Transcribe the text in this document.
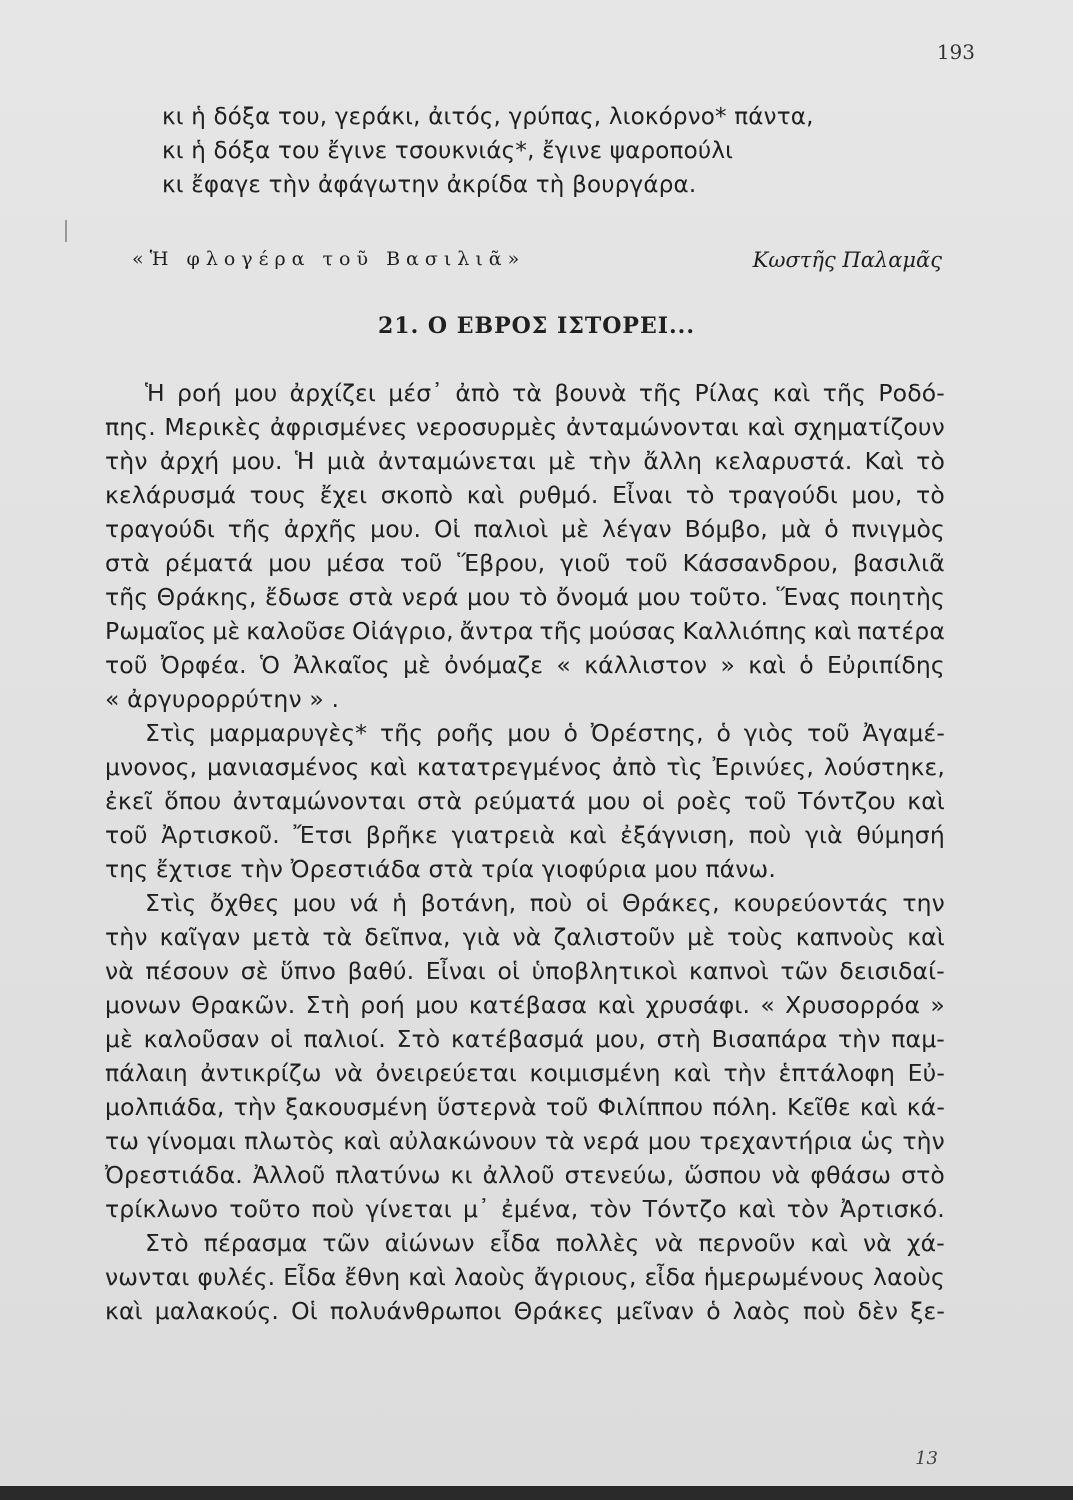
193
κι ἡ δόξα του, γεράκι, ἀιτός, γρύπας, λιοκόρνο* πάντα,
κι ἡ δόξα του ἔγινε τσουκνιάς*, ἔγινε ψαροπούλι
κι ἔφαγε τὴν ἀφάγωτην ἀκρίδα τὴ βουργάρα.
«Ἡ φλογέρα τοῦ Βασιλιᾶ»	Κωστῆς Παλαμᾶς
21. Ο ΕΒΡΟΣ ΙΣΤΟΡΕΙ...
Ἡ ροή μου ἀρχίζει μέσ᾽ ἀπὸ τὰ βουνὰ τῆς Ρίλας καὶ τῆς Ροδό-
πης. Μερικὲς ἀφρισμένες νεροσυρμὲς ἀνταμώνονται καὶ σχηματίζουν
τὴν ἀρχή μου. Ἡ μιὰ ἀνταμώνεται μὲ τὴν ἄλλη κελαρυστά. Καὶ τὸ
κελάρυσμά τους ἔχει σκοπὸ καὶ ρυθμό. Εἶναι τὸ τραγούδι μου, τὸ
τραγούδι τῆς ἀρχῆς μου. Οἱ παλιοὶ μὲ λέγαν Βόμβο, μὰ ὁ πνιγμὸς
στὰ ρέματά μου μέσα τοῦ Ἕβρου, γιοῦ τοῦ Κάσσανδρου, βασιλιᾶ
τῆς Θράκης, ἔδωσε στὰ νερά μου τὸ ὄνομά μου τοῦτο. Ἕνας ποιητὴς
Ρωμαῖος μὲ καλοῦσε Οἰάγριο, ἄντρα τῆς μούσας Καλλιόπης καὶ πατέρα
τοῦ Ὀρφέα. Ὁ Ἀλκαῖος μὲ ὀνόμαζε « κάλλιστον » καὶ ὁ Εὐριπίδης
« ἀργυρορρύτην » .
Στὶς μαρμαρυγὲς* τῆς ροῆς μου ὁ Ὀρέστης, ὁ γιὸς τοῦ Ἀγαμέ-
μνονος, μανιασμένος καὶ κατατρεγμένος ἀπὸ τὶς Ἐρινύες, λούστηκε,
ἐκεῖ ὅπου ἀνταμώνονται στὰ ρεύματά μου οἱ ροὲς τοῦ Τόντζου καὶ
τοῦ Ἀρτισκοῦ. Ἔτσι βρῆκε γιατρειὰ καὶ ἐξάγνιση, ποὺ γιὰ θύμησή
της ἔχτισε τὴν Ὀρεστιάδα στὰ τρία γιοφύρια μου πάνω.
Στὶς ὄχθες μου νά ἡ βοτάνη, ποὺ οἱ Θράκες, κουρεύοντάς την
τὴν καῖγαν μετὰ τὰ δεῖπνα, γιὰ νὰ ζαλιστοῦν μὲ τοὺς καπνοὺς καὶ
νὰ πέσουν σὲ ὕπνο βαθύ. Εἶναι οἱ ὑποβλητικοὶ καπνοὶ τῶν δεισιδαί-
μονων Θρακῶν. Στὴ ροή μου κατέβασα καὶ χρυσάφι. « Χρυσορρόα »
μὲ καλοῦσαν οἱ παλιοί. Στὸ κατέβασμά μου, στὴ Βισαπάρα τὴν παμ-
πάλαιη ἀντικρίζω νὰ ὀνειρεύεται κοιμισμένη καὶ τὴν ἑπτάλοφη Εὐ-
μολπιάδα, τὴν ξακουσμένη ὕστερνὰ τοῦ Φιλίππου πόλη. Κεῖθε καὶ κά-
τω γίνομαι πλωτὸς καὶ αὐλακώνουν τὰ νερά μου τρεχαντήρια ὡς τὴν
Ὀρεστιάδα. Ἀλλοῦ πλατύνω κι ἀλλοῦ στενεύω, ὥσπου νὰ φθάσω στὸ
τρίκλωνο τοῦτο ποὺ γίνεται μ᾽ ἐμένα, τὸν Τόντζο καὶ τὸν Ἀρτισκό.
Στὸ πέρασμα τῶν αἰώνων εἶδα πολλὲς νὰ περνοῦν καὶ νὰ χά-
νωνται φυλές. Εἶδα ἔθνη καὶ λαοὺς ἄγριους, εἶδα ἡμερωμένους λαοὺς
καὶ μαλακούς. Οἱ πολυάνθρωποι Θράκες μεῖναν ὁ λαὸς ποὺ δὲν ξε-
13
